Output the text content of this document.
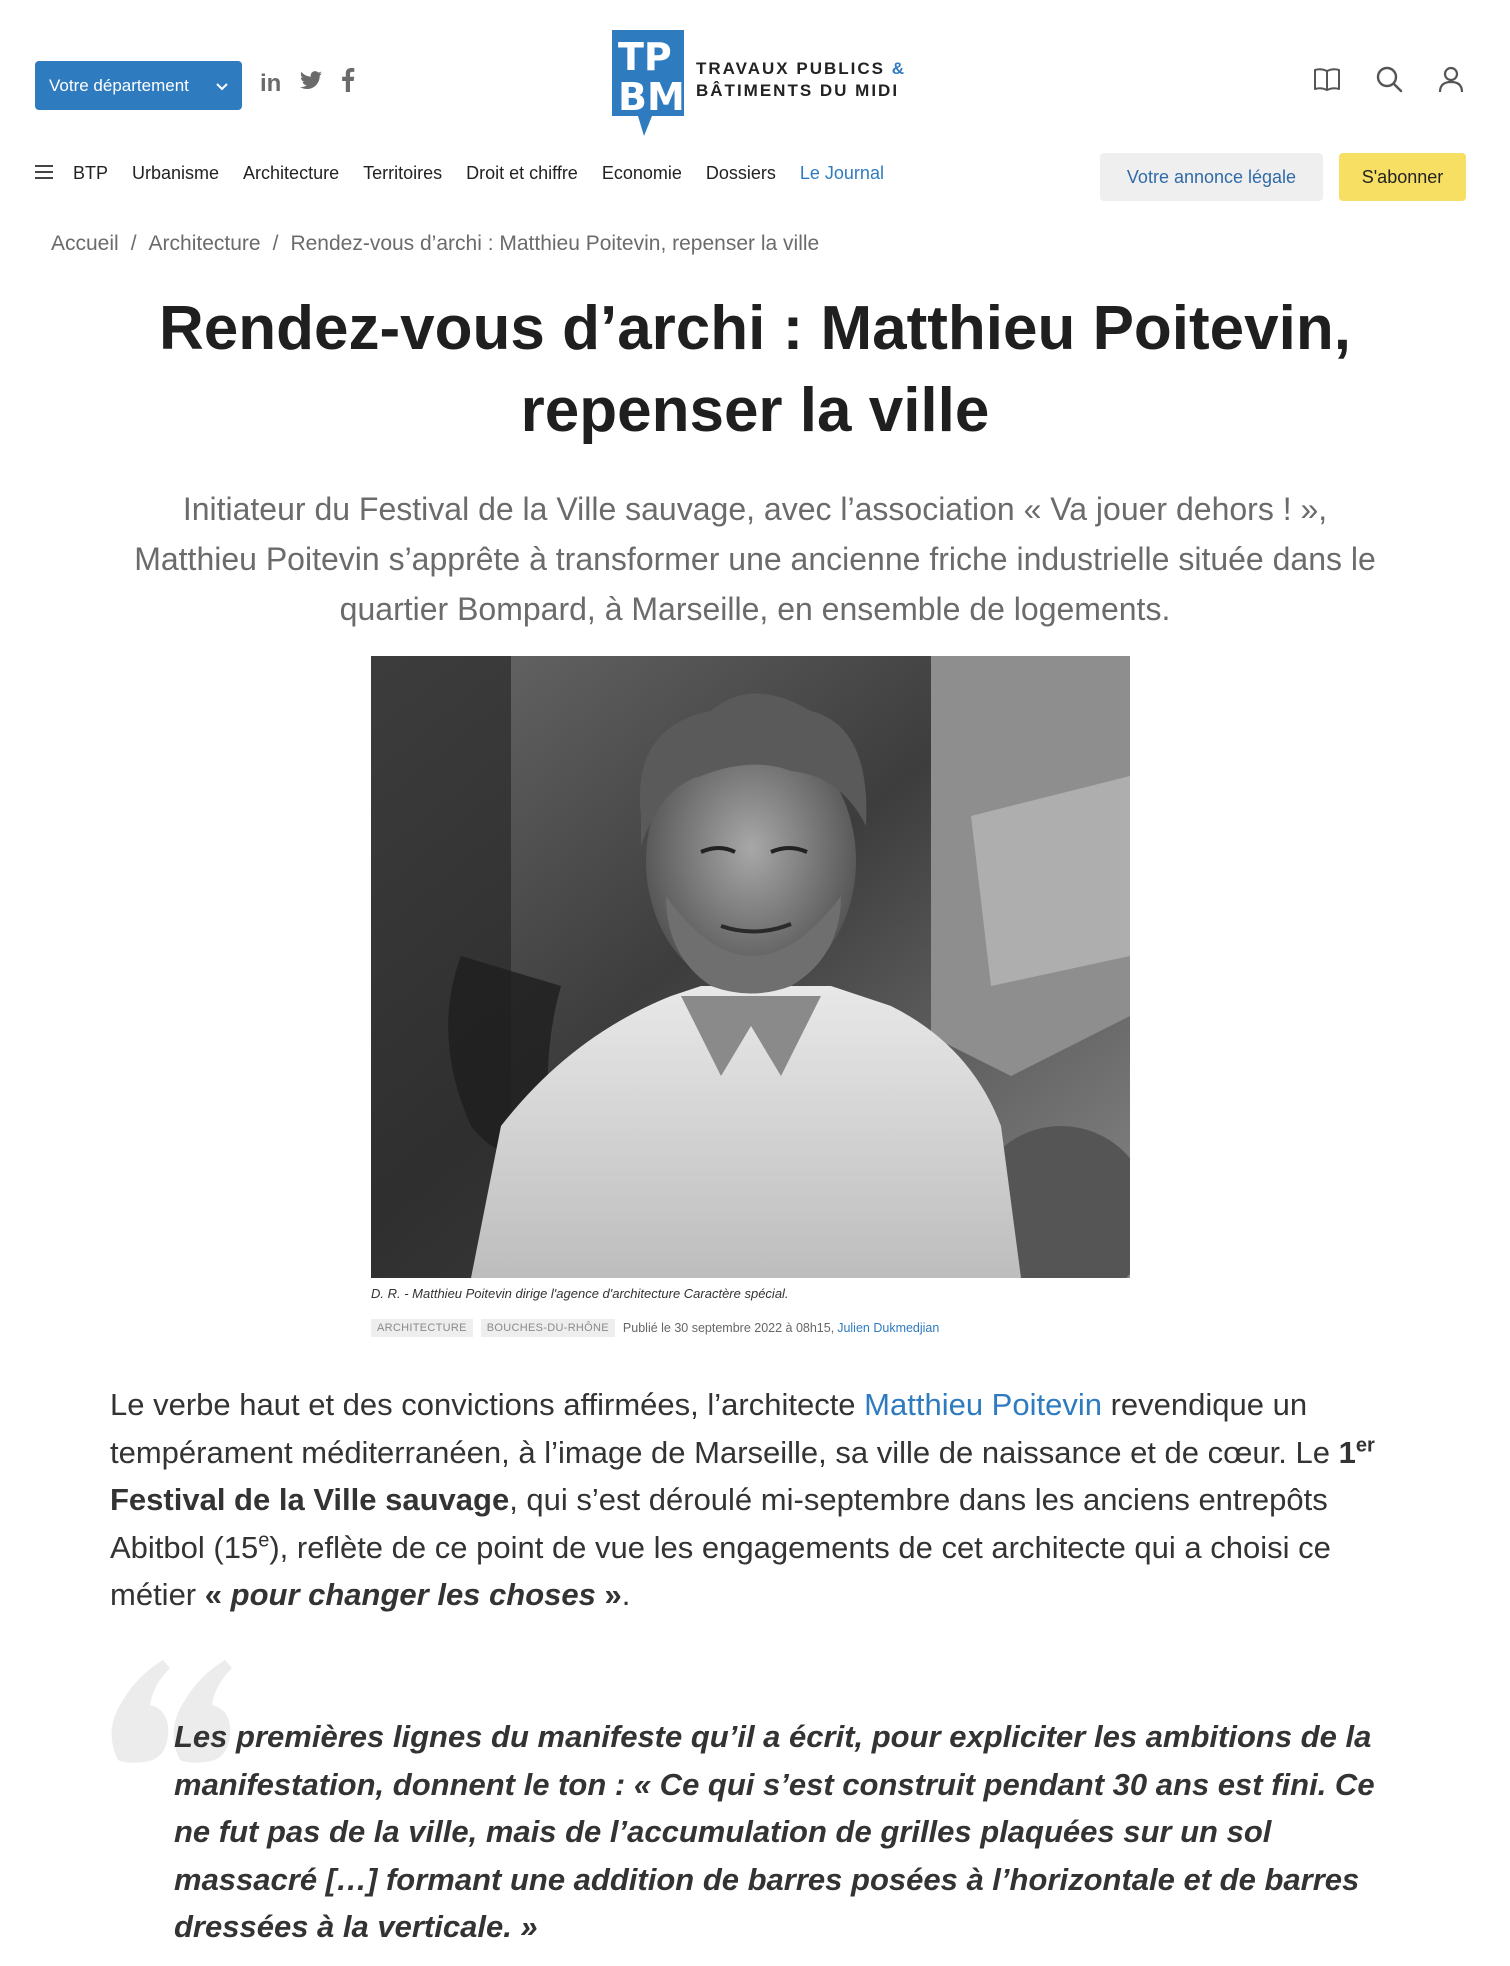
Votre département	in
TP
BM
TRAVAUX PUBLICS &
BÂTIMENTS DU MIDI
BTP Urbanisme Architecture Territoires Droit et chiffre Economie Dossiers Le Journal	Votre annonce légale	S'abonner
Accueil / Architecture / Rendez-vous d’archi : Matthieu Poitevin, repenser la ville
Rendez-vous d’archi : Matthieu Poitevin,
repenser la ville
Initiateur du Festival de la Ville sauvage, avec l’association « Va jouer dehors ! »,
Matthieu Poitevin s’apprête à transformer une ancienne friche industrielle située dans le
quartier Bompard, à Marseille, en ensemble de logements.
D. R. - Matthieu Poitevin dirige l'agence d'architecture Caractère spécial.
ARCHITECTURE	BOUCHES-DU-RHÔNE	Publié le 30 septembre 2022 à 08h15, Julien Dukmedjian
Le verbe haut et des convictions affirmées, l’architecte Matthieu Poitevin revendique un tempérament méditerranéen, à l’image de Marseille, sa ville de naissance et de cœur. Le 1er Festival de la Ville sauvage, qui s’est déroulé mi-septembre dans les anciens entrepôts Abitbol (15e), reflète de ce point de vue les engagements de cet architecte qui a choisi ce métier « pour changer les choses ».
Les premières lignes du manifeste qu’il a écrit, pour expliciter les ambitions de la manifestation, donnent le ton : « Ce qui s’est construit pendant 30 ans est fini. Ce ne fut pas de la ville, mais de l’accumulation de grilles plaquées sur un sol massacré […] formant une addition de barres posées à l’horizontale et de barres dressées à la verticale. »
